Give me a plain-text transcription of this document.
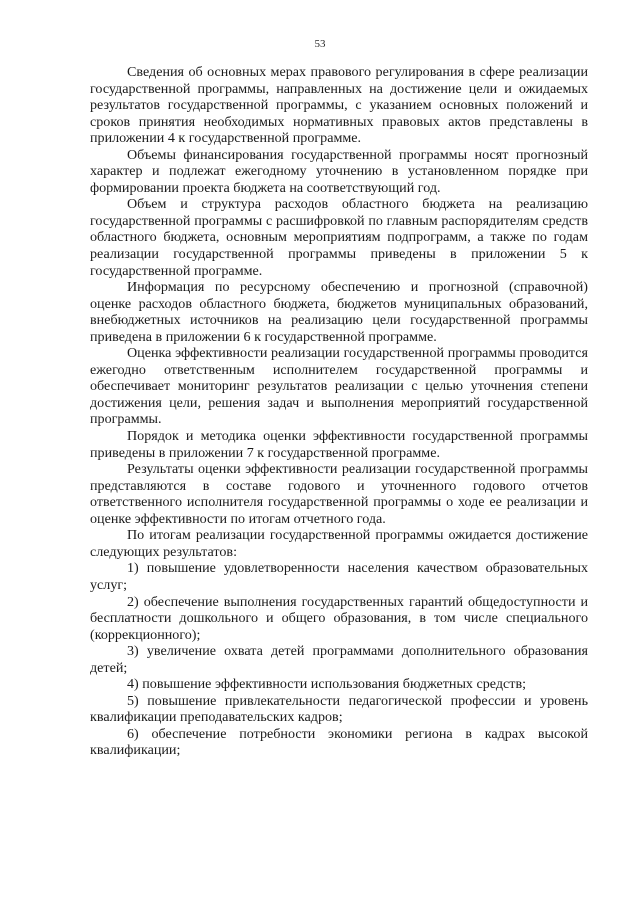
53

Сведения об основных мерах правового регулирования в сфере реализации государственной программы, направленных на достижение цели и ожидаемых результатов государственной программы, с указанием основных положений и сроков принятия необходимых нормативных правовых актов представлены в приложении 4 к государственной программе.

Объемы финансирования государственной программы носят прогнозный характер и подлежат ежегодному уточнению в установленном порядке при формировании проекта бюджета на соответствующий год.

Объем и структура расходов областного бюджета на реализацию государственной программы с расшифровкой по главным распорядителям средств областного бюджета, основным мероприятиям подпрограмм, а также по годам реализации государственной программы приведены в приложении 5 к государственной программе.

Информация по ресурсному обеспечению и прогнозной (справочной) оценке расходов областного бюджета, бюджетов муниципальных образований, внебюджетных источников на реализацию цели государственной программы приведена в приложении 6 к государственной программе.

Оценка эффективности реализации государственной программы проводится ежегодно ответственным исполнителем государственной программы и обеспечивает мониторинг результатов реализации с целью уточнения степени достижения цели, решения задач и выполнения мероприятий государственной программы.

Порядок и методика оценки эффективности государственной программы приведены в приложении 7 к государственной программе.

Результаты оценки эффективности реализации государственной программы представляются в составе годового и уточненного годового отчетов ответственного исполнителя государственной программы о ходе ее реализации и оценке эффективности по итогам отчетного года.

По итогам реализации государственной программы ожидается достижение следующих результатов:

1) повышение удовлетворенности населения качеством образовательных услуг;

2) обеспечение выполнения государственных гарантий общедоступности и бесплатности дошкольного и общего образования, в том числе специального (коррекционного);

3) увеличение охвата детей программами дополнительного образования детей;

4) повышение эффективности использования бюджетных средств;

5) повышение привлекательности педагогической профессии и уровень квалификации преподавательских кадров;

6) обеспечение потребности экономики региона в кадрах высокой квалификации;
